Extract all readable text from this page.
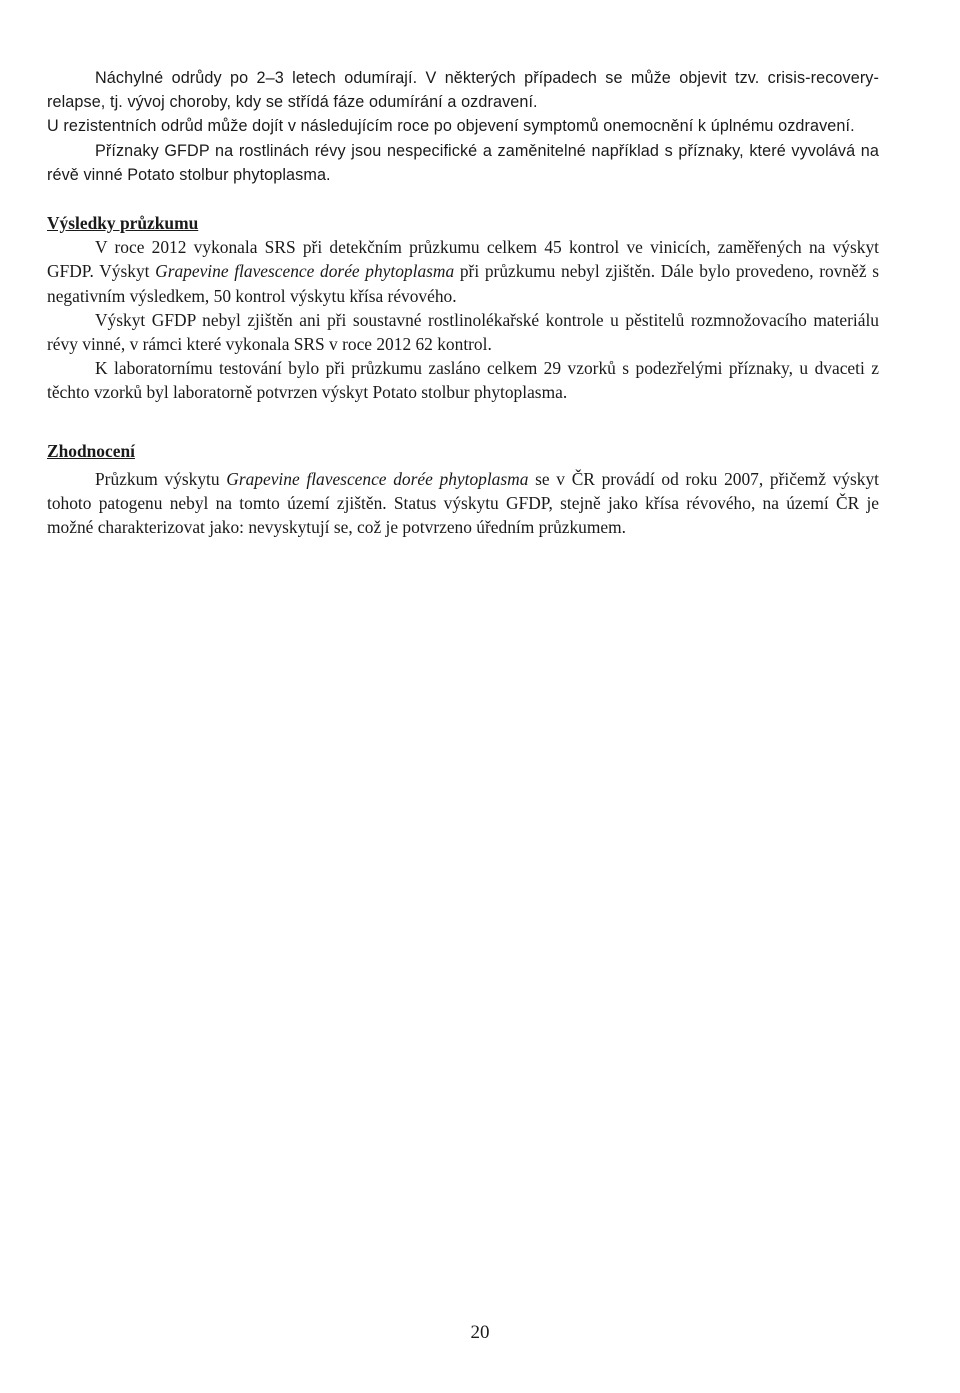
Náchylné odrůdy po 2–3 letech odumírají. V některých případech se může objevit tzv. crisis-recovery-relapse, tj. vývoj choroby, kdy se střídá fáze odumírání a ozdravení.

U rezistentních odrůd může dojít v následujícím roce po objevení symptomů onemocnění k úplnému ozdravení.

Příznaky GFDP na rostlinách révy jsou nespecifické a zaměnitelné například s příznaky, které vyvolává na révě vinné Potato stolbur phytoplasma.

Výsledky průzkumu

V roce 2012 vykonala SRS při detekčním průzkumu celkem 45 kontrol ve vinicích, zaměřených na výskyt GFDP. Výskyt Grapevine flavescence dorée phytoplasma při průzkumu nebyl zjištěn. Dále bylo provedeno, rovněž s negativním výsledkem, 50 kontrol výskytu křísa révového.

Výskyt GFDP nebyl zjištěn ani při soustavné rostlinolékařské kontrole u pěstitelů rozmnožovacího materiálu révy vinné, v rámci které vykonala SRS v roce 2012 62 kontrol.

K laboratornímu testování bylo při průzkumu zasláno celkem 29 vzorků s podezřelými příznaky, u dvaceti z těchto vzorků byl laboratorně potvrzen výskyt Potato stolbur phytoplasma.

Zhodnocení

Průzkum výskytu Grapevine flavescence dorée phytoplasma se v ČR provádí od roku 2007, přičemž výskyt tohoto patogenu nebyl na tomto území zjištěn. Status výskytu GFDP, stejně jako křísa révového, na území ČR je možné charakterizovat jako: nevyskytují se, což je potvrzeno úředním průzkumem.

20
